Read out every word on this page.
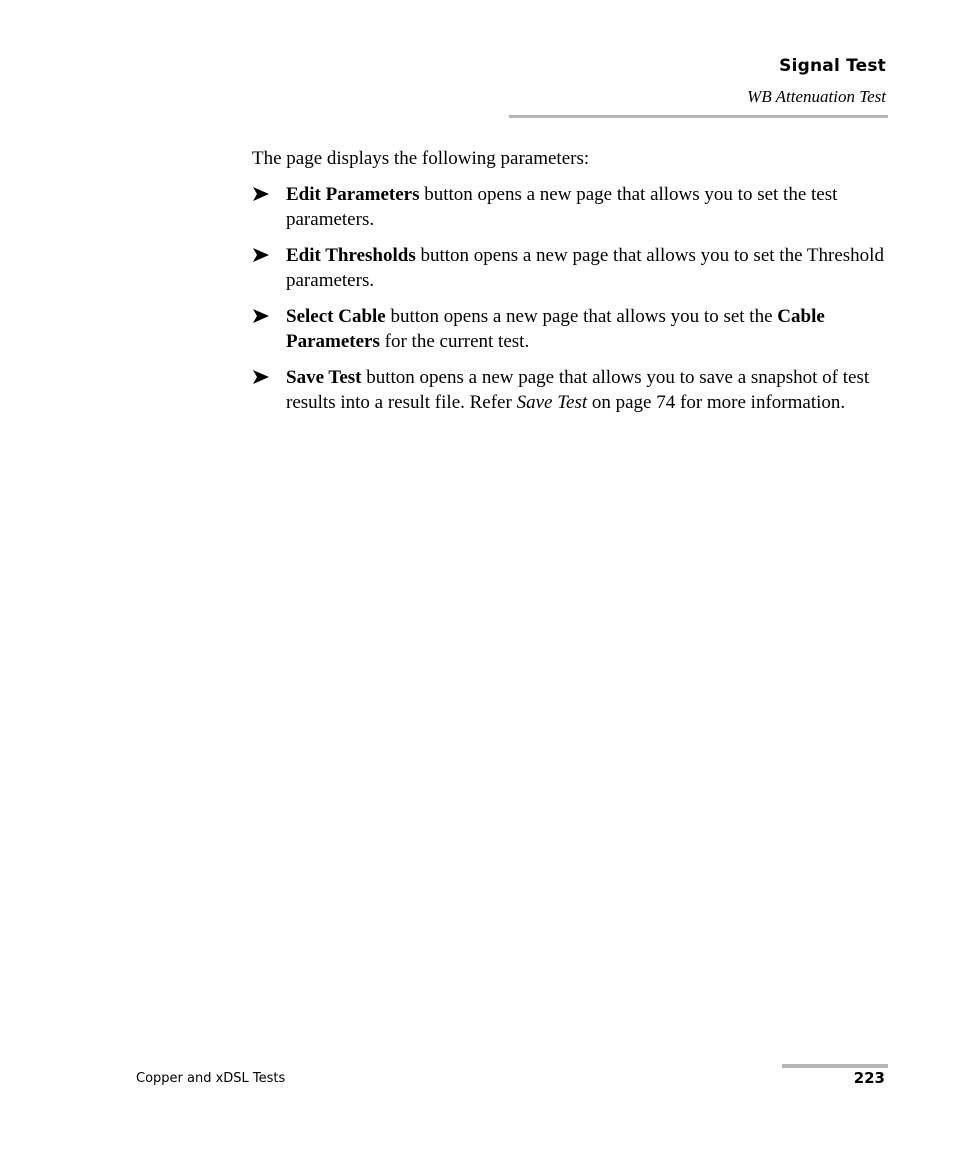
Signal Test
WB Attenuation Test

The page displays the following parameters:

Edit Parameters button opens a new page that allows you to set the test parameters.
Edit Thresholds button opens a new page that allows you to set the Threshold parameters.
Select Cable button opens a new page that allows you to set the Cable Parameters for the current test.
Save Test button opens a new page that allows you to save a snapshot of test results into a result file. Refer Save Test on page 74 for more information.
Copper and xDSL Tests	223
